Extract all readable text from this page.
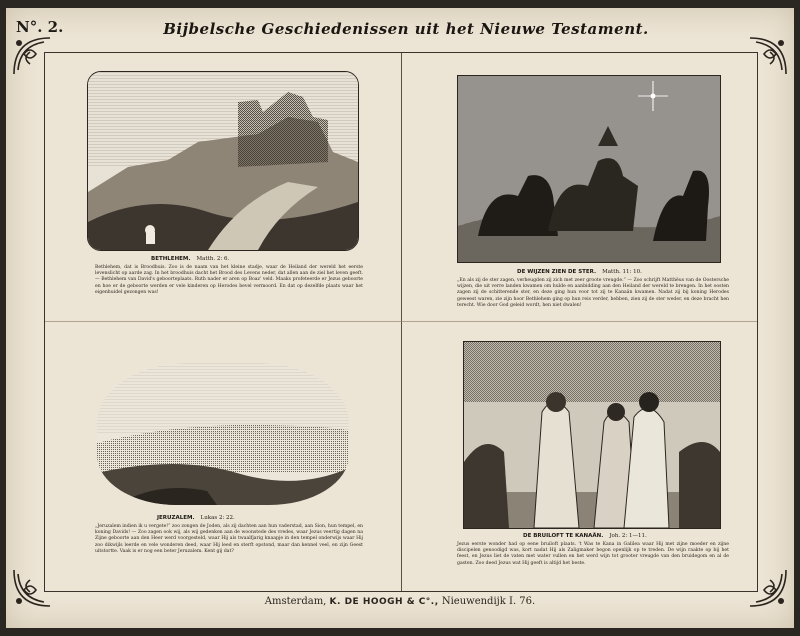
N°. 2.	Bijbelsche Geschiedenissen uit het Nieuwe Testament.
BETHLEHEM. Matth. 2: 6.
Bethlehem, dat is Broodhuis. Zoo is de naam van het kleine stadje, waar de Heiland der wereld het eerste levenslicht op aarde zag. In het broodhuis dacht het Brood des Levens neder, dat allen aan de ziel het leven geeft. — Bethlehem van David's geboorteplaats. Ruth nader er aren op Boaz' veld. Maaks profeteerde er Jezus geboorte en hoe er de geboorte werden er vele kinderen op Herodes bevel vermoord. En dat op dezelfde plaats waar het eigenhuidel gezongen was!
DE WIJZEN ZIEN DE STER. Matth. 11: 10.
„En als zij de ster zagen, verheugden zij zich met zeer groote vreugde.” — Zoo schrijft Matthëus van de Oostersche wijzen, die uit verre landen kwamen om hulde en aanbidding aan den Heiland der wereld te brengen. In het oosten zagen zij de schitterende ster, en deze ging hun voor tot zij te Kanaän kwamen. Nadat zij bij koning Herodes geweest waren, zie zijn hoor Bethlehem ging op hun reis verder, hebben, zien zij de ster weder, en deze bracht hen terecht. Wie door God geleid wordt, hen niet dwalen!
JERUZALEM. Lukas 2: 22.
„Jeruzalem indien ik u vergete!” zoo zongen de Joden, als zij dachten aan hun vaderstad, aan Sion, hun tempel, en koning Davids! — Zoo zagen ook wij, als wij gedenken aan de woonstede des vredes, waar Jezus veertig dagen na Zijne geboorte aan den Heer werd voorgesteld, waar Hij als twaalfjarig knaapje in den tempel onderwijs waar Hij zoo dikwijls leerde en vele wonderen deed, waar Hij leed en sterft opstond, maar dan kennel veel, en zijn Geest uitstortte. Vaak is er nog een beter Jeruzalem. Kent gij dat?
DE BRUILOFT TE KANAÄN. Joh. 2: 1—11.
Jezus eerste wonder had op eene bruiloft plaats. 't Was te Kana in Galilea waar Hij met zijne moeder en zijne discipelen genoodigd was, kort nadat Hij als Zaligmaker begon openlijk op te treden. De wijn raakte op bij het feest, en Jezus liet de vaten met water vullen en het werd wijn tot grooter vreugde van den bruidegom en al de gasten. Zoo deed Jezus wat Hij geeft is altijd het beste.
Amsterdam, K. DE HOOGH & C°., Nieuwendijk I. 76.
